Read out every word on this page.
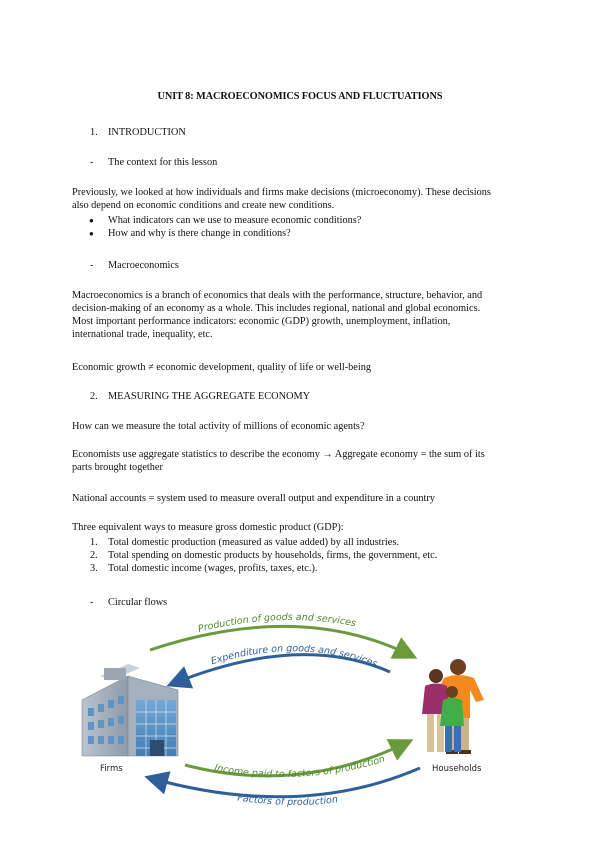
UNIT 8: MACROECONOMICS FOCUS AND FLUCTUATIONS
1. INTRODUCTION
- The context for this lesson
Previously, we looked at how individuals and firms make decisions (microeconomy). These decisions
also depend on economic conditions and create new conditions.
● What indicators can we use to measure economic conditions?
● How and why is there change in conditions?
- Macroeconomics
Macroeconomics is a branch of economics that deals with the performance, structure, behavior, and
decision-making of an economy as a whole. This includes regional, national and global economics.
Most important performance indicators: economic (GDP) growth, unemployment, inflation,
international trade, inequality, etc.
Economic growth ≠ economic development, quality of life or well-being
2. MEASURING THE AGGREGATE ECONOMY
How can we measure the total activity of millions of economic agents?
Economists use aggregate statistics to describe the economy → Aggregate economy = the sum of its
parts brought together
National accounts = system used to measure overall output and expenditure in a country
Three equivalent ways to measure gross domestic product (GDP):
1. Total domestic production (measured as value added) by all industries.
2. Total spending on domestic products by households, firms, the government, etc.
3. Total domestic income (wages, profits, taxes, etc.).
- Circular flows
Production of goods and services
Expenditure on goods and services
Income paid to factors of production
Factors of production
Firms	Households
